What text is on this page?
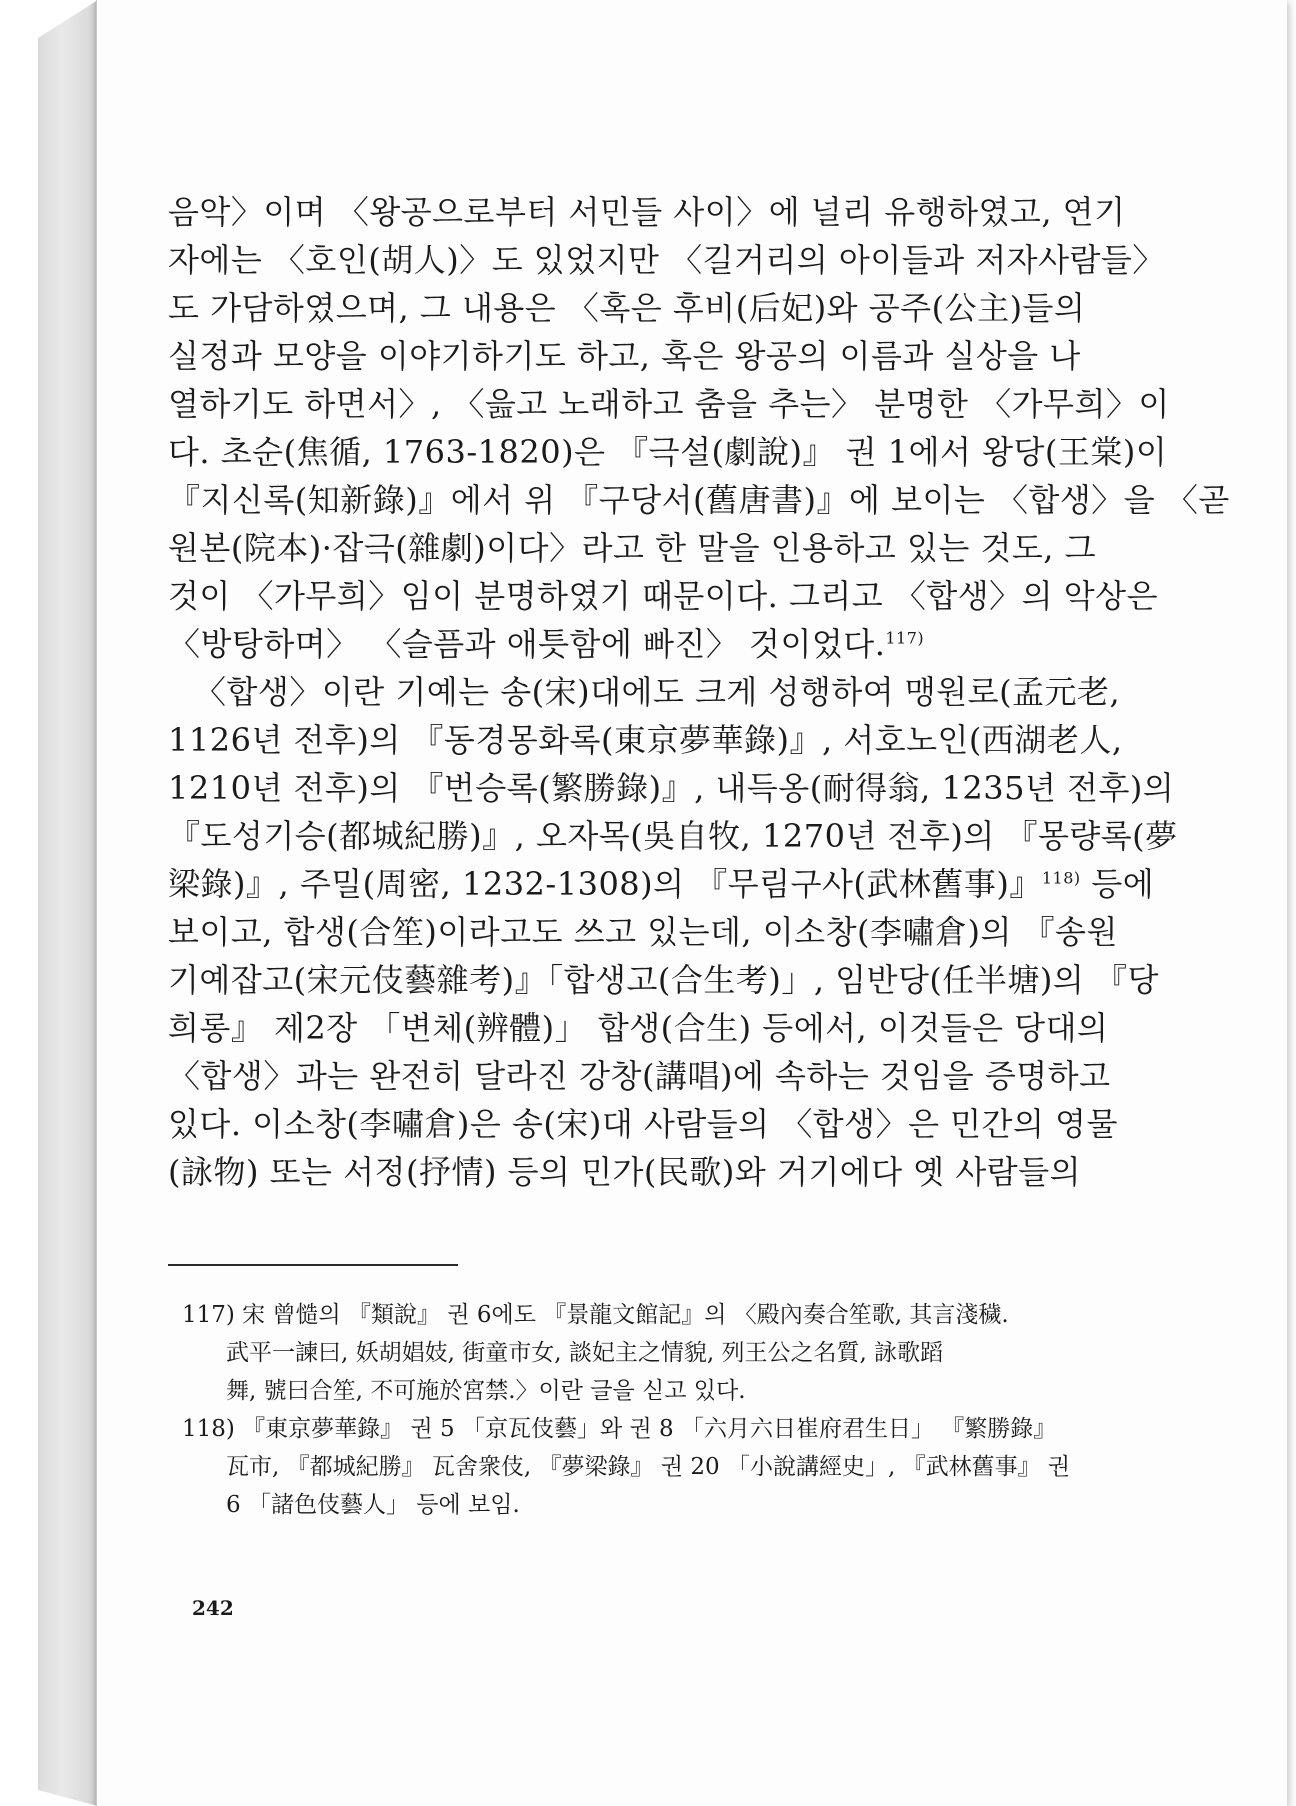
음악〉이며 〈왕공으로부터 서민들 사이〉에 널리 유행하였고, 연기

자에는 〈호인(胡人)〉도 있었지만 〈길거리의 아이들과 저자사람들〉

도 가담하였으며, 그 내용은 〈혹은 후비(后妃)와 공주(公主)들의

실정과 모양을 이야기하기도 하고, 혹은 왕공의 이름과 실상을 나

열하기도 하면서〉, 〈읊고 노래하고 춤을 추는〉 분명한 〈가무희〉이

다. 초순(焦循, 1763-1820)은 『극설(劇說)』 권 1에서 왕당(王棠)이

『지신록(知新錄)』에서 위 『구당서(舊唐書)』에 보이는 〈합생〉을 〈곧

원본(院本)·잡극(雜劇)이다〉라고 한 말을 인용하고 있는 것도, 그

것이 〈가무희〉임이 분명하였기 때문이다. 그리고 〈합생〉의 악상은

〈방탕하며〉 〈슬픔과 애틋함에 빠진〉 것이었다.$^{117)}$

〈합생〉이란 기예는 송(宋)대에도 크게 성행하여 맹원로(孟元老,

1126년 전후)의 『동경몽화록(東京夢華錄)』, 서호노인(西湖老人,

1210년 전후)의 『번승록(繁勝錄)』, 내득옹(耐得翁, 1235년 전후)의

『도성기승(都城紀勝)』, 오자목(吳自牧, 1270년 전후)의 『몽량록(夢

梁錄)』, 주밀(周密, 1232-1308)의 『무림구사(武林舊事)』$^{118)}$ 등에

보이고, 합생(合笙)이라고도 쓰고 있는데, 이소창(李嘯倉)의 『송원

기예잡고(宋元伎藝雜考)』「합생고(合生考)」, 임반당(任半塘)의 『당

희롱』 제2장 「변체(辨體)」 합생(合生) 등에서, 이것들은 당대의

〈합생〉과는 완전히 달라진 강창(講唱)에 속하는 것임을 증명하고

있다. 이소창(李嘯倉)은 송(宋)대 사람들의 〈합생〉은 민간의 영물

(詠物) 또는 서정(抒情) 등의 민가(民歌)와 거기에다 옛 사람들의

117) 宋 曾慥의 『類說』 권 6에도 『景龍文館記』의 〈殿內奏合笙歌, 其言淺穢.

武平一諫曰, 妖胡娼妓, 街童市女, 談妃主之情貌, 列王公之名質, 詠歌蹈

舞, 號曰合笙, 不可施於宮禁.〉이란 글을 싣고 있다.

118) 『東京夢華錄』 권 5 「京瓦伎藝」와 권 8 「六月六日崔府君生日」 『繁勝錄』

瓦市, 『都城紀勝』 瓦舍衆伎, 『夢梁錄』 권 20 「小說講經史」, 『武林舊事』 권

6 「諸色伎藝人」 등에 보임.

242
